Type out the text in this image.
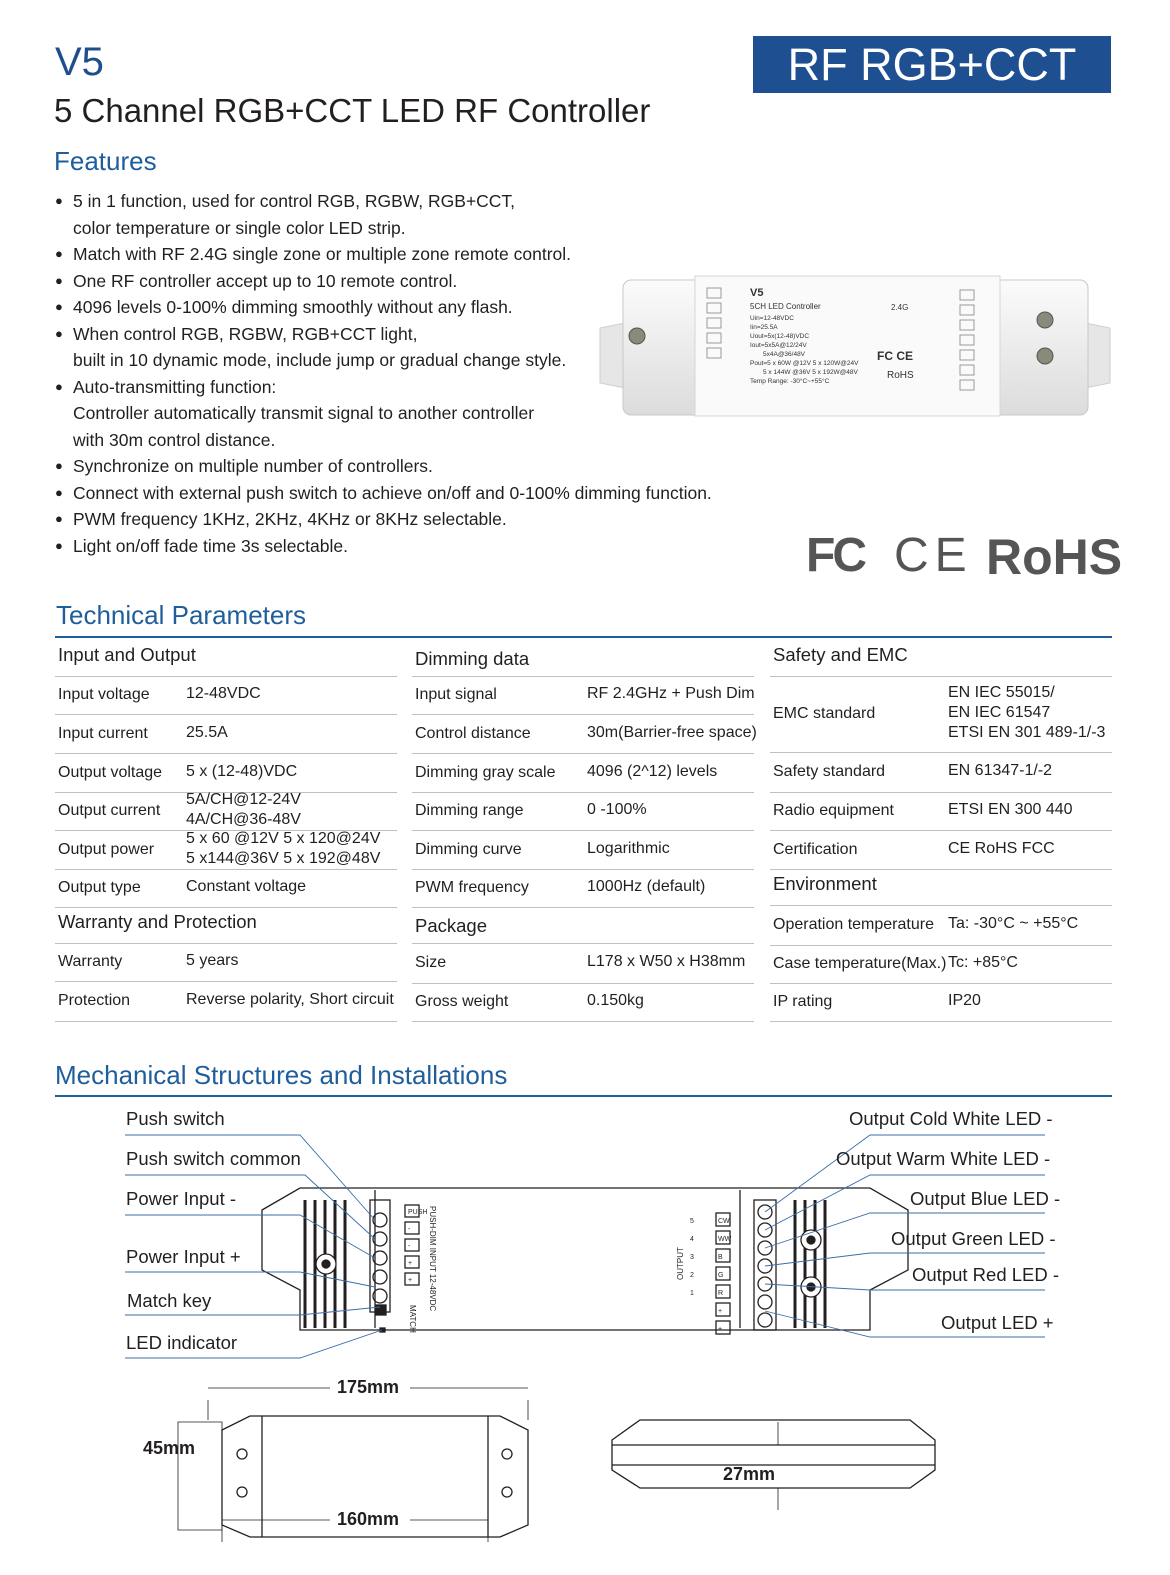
V5
5 Channel RGB+CCT LED RF Controller
RF RGB+CCT
Features
● 5 in 1 function, used for control RGB, RGBW, RGB+CCT,
color temperature or single color LED strip.
● Match with RF 2.4G single zone or multiple zone remote control.
● One RF controller accept up to 10 remote control.
● 4096 levels 0-100% dimming smoothly without any flash.
● When control RGB, RGBW, RGB+CCT light,
built in 10 dynamic mode, include jump or gradual change style.
● Auto-transmitting function:
Controller automatically transmit signal to another controller
with 30m control distance.
● Synchronize on multiple number of controllers.
● Connect with external push switch to achieve on/off and 0-100% dimming function.
● PWM frequency 1KHz, 2KHz, 4KHz or 8KHz selectable.
● Light on/off fade time 3s selectable.
V5
5CH LED Controller
Uin=12-48VDC
Iin=25.5A
Uout=5x(12-48)VDC
Iout=5x5A@12/24V
5x4A@36/48V
Pout=5 x 60W @12V 5 x 120W@24V
5 x 144W @36V 5 x 192W@48V
Temp Range: -30°C~+55°C
2.4G
FC CE
RoHS
FC CE RoHS
Technical Parameters
Input and Output
Input voltage 12-48VDC
Input current 25.5A
Output voltage 5 x (12-48)VDC
Output current
5A/CH@12-24V
4A/CH@36-48V
Output power
5 x 60 @12V 5 x 120@24V
5 x144@36V 5 x 192@48V
Output type	Constant voltage
Warranty and Protection
Warranty	5 years
Protection	Reverse polarity, Short circuit
Dimming data
Input signal	RF 2.4GHz + Push Dim
Control distance	30m(Barrier-free space)
Dimming gray scale 4096 (2^12) levels
Dimming range	0 -100%
Dimming curve	Logarithmic
PWM frequency	1000Hz (default)
Package
Size	L178 x W50 x H38mm
Gross weight	0.150kg
Safety and EMC
EMC standard
EN IEC 55015/
EN IEC 61547
ETSI EN 301 489-1/-3
Safety standard	EN 61347-1/-2
Radio equipment	ETSI EN 300 440
Certification	CE RoHS FCC
Environment
Operation temperature Ta: -30°C ~ +55°C
Case temperature(Max.) Tc: +85°C
IP rating	IP20
Mechanical Structures and Installations
PUSH-DIM INPUT 12-48VDC
MATCH
OUTPUT
PUSH
-
-
+
+
CW
WW
B
G
R
+
+
5
4
3
2
1
Push switch
Push switch common
Power Input -
Power Input +
Match key
LED indicator
Output Cold White LED -
Output Warm White LED -
Output Blue LED -
Output Green LED -
Output Red LED -
Output LED +
175mm
160mm
45mm
27mm
